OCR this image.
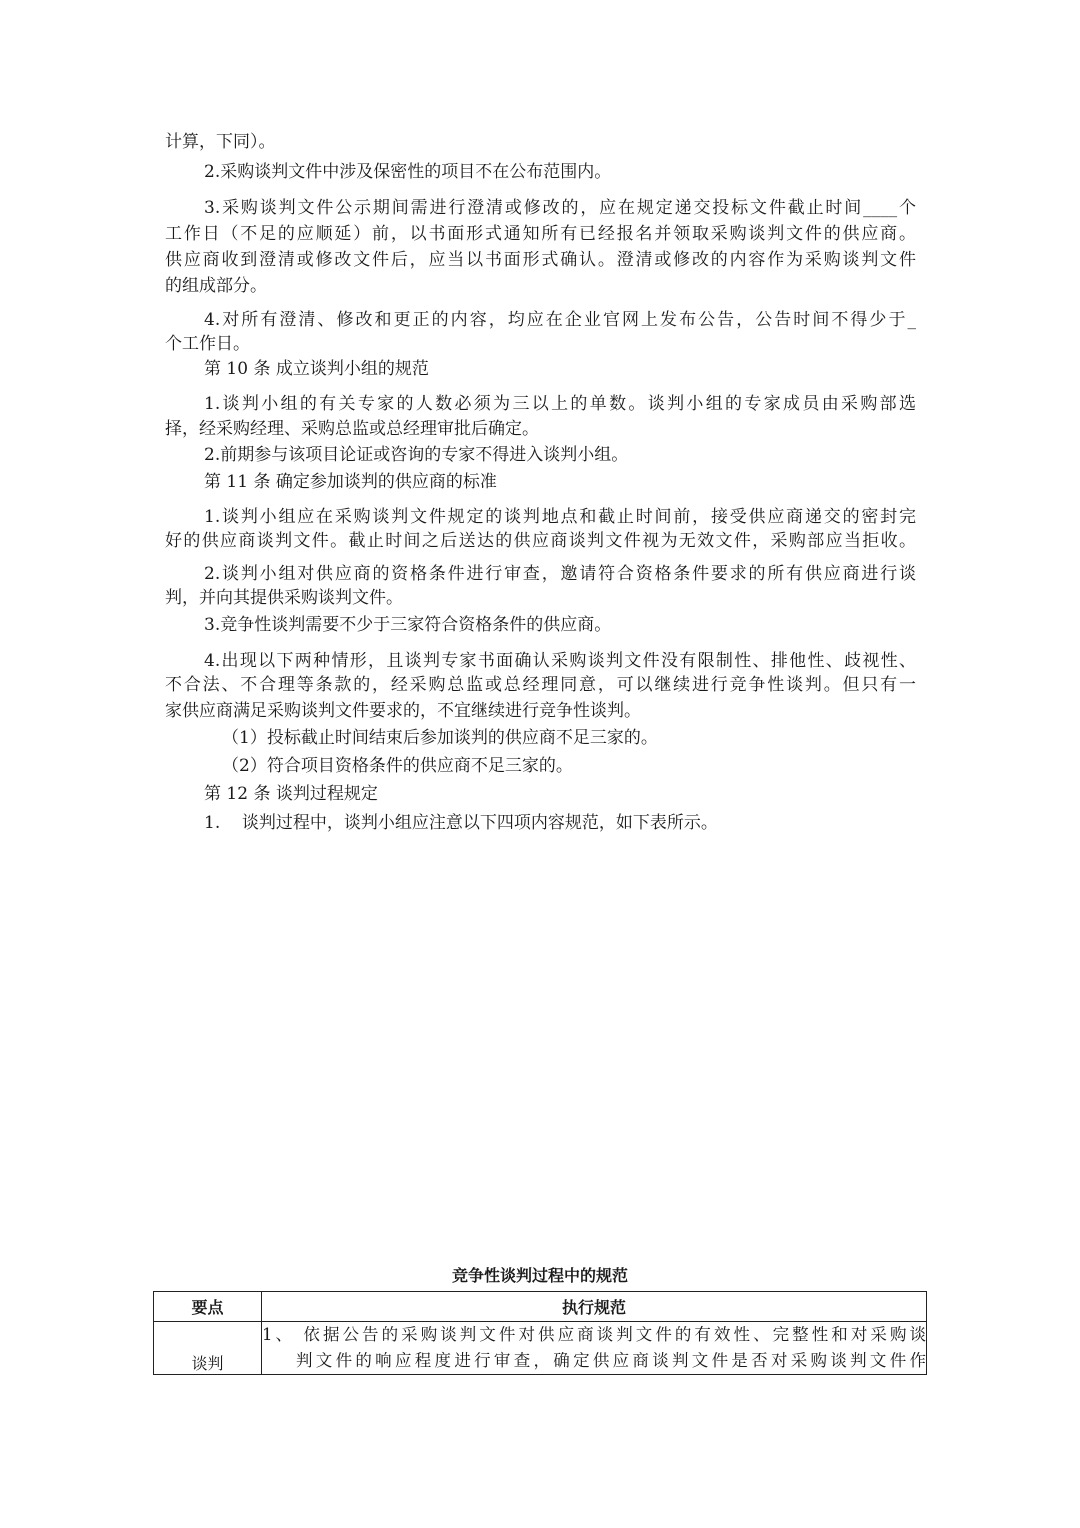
计算，下同）。
2.采购谈判文件中涉及保密性的项目不在公布范围内。
3.采购谈判文件公示期间需进行澄清或修改的，应在规定递交投标文件截止时间____个
工作日（不足的应顺延）前，以书面形式通知所有已经报名并领取采购谈判文件的供应商。
供应商收到澄清或修改文件后，应当以书面形式确认。澄清或修改的内容作为采购谈判文件
的组成部分。
4.对所有澄清、修改和更正的内容，均应在企业官网上发布公告，公告时间不得少于_
个工作日。
第 10 条 成立谈判小组的规范
1.谈判小组的有关专家的人数必须为三以上的单数。谈判小组的专家成员由采购部选
择，经采购经理、采购总监或总经理审批后确定。
2.前期参与该项目论证或咨询的专家不得进入谈判小组。
第 11 条 确定参加谈判的供应商的标准
1.谈判小组应在采购谈判文件规定的谈判地点和截止时间前，接受供应商递交的密封完
好的供应商谈判文件。截止时间之后送达的供应商谈判文件视为无效文件，采购部应当拒收。
2.谈判小组对供应商的资格条件进行审查，邀请符合资格条件要求的所有供应商进行谈
判，并向其提供采购谈判文件。
3.竞争性谈判需要不少于三家符合资格条件的供应商。
4.出现以下两种情形，且谈判专家书面确认采购谈判文件没有限制性、排他性、歧视性、
不合法、不合理等条款的，经采购总监或总经理同意，可以继续进行竞争性谈判。但只有一
家供应商满足采购谈判文件要求的，不宜继续进行竞争性谈判。
（1）投标截止时间结束后参加谈判的供应商不足三家的。
（2）符合项目资格条件的供应商不足三家的。
第 12 条 谈判过程规定
1.    谈判过程中，谈判小组应注意以下四项内容规范，如下表所示。
竞争性谈判过程中的规范
要点	执行规范
谈判	1、 依据公告的采购谈判文件对供应商谈判文件的有效性、完整性和对采购谈
判文件的响应程度进行审查，确定供应商谈判文件是否对采购谈判文件作
